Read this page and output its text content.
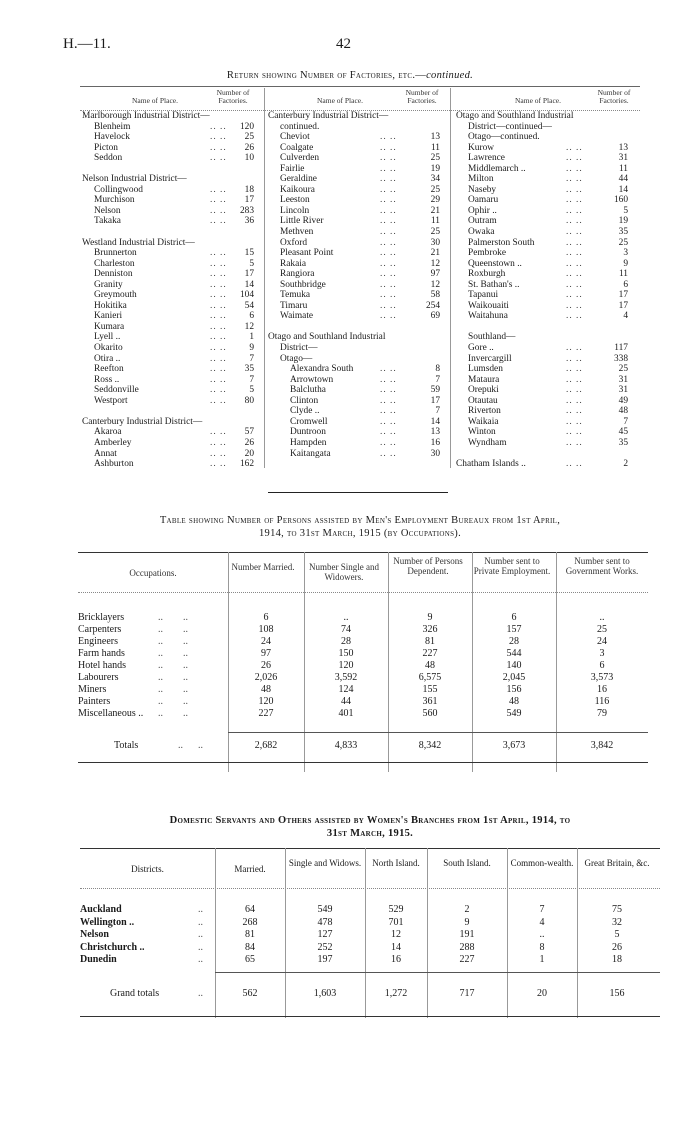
H.—11.	42
Return showing Number of Factories, etc.—continued.
Name of Place.
Number of Factories.	Name of Place.
Number of Factories.	Name of Place.
Number of Factories.
Marlborough Industrial District—
Blenheim	.. ..	120
Havelock	.. ..	25
Picton	.. ..	26
Seddon	.. ..	10
Nelson Industrial District—
Collingwood	.. ..	18
Murchison	.. ..	17
Nelson	.. ..	283
Takaka	.. ..	36
Westland Industrial District—
Brunnerton	.. ..	15
Charleston	.. ..	5
Denniston	.. ..	17
Granity	.. ..	14
Greymouth	.. ..	104
Hokitika	.. ..	54
Kanieri	.. ..	6
Kumara	.. ..	12
Lyell ..	.. ..	1
Okarito	.. ..	9
Otira ..	.. ..	7
Reefton	.. ..	35
Ross ..	.. ..	7
Seddonville	.. ..	5
Westport	.. ..	80
Canterbury Industrial District—
Akaroa	.. ..	57
Amberley	.. ..	26
Annat	.. ..	20
Ashburton	.. ..	162
Canterbury Industrial District—
continued.
Cheviot	.. ..	13
Coalgate	.. ..	11
Culverden	.. ..	25
Fairlie	.. ..	19
Geraldine	.. ..	34
Kaikoura	.. ..	25
Leeston	.. ..	29
Lincoln	.. ..	21
Little River	.. ..	11
Methven	.. ..	25
Oxford	.. ..	30
Pleasant Point	.. ..	21
Rakaia	.. ..	12
Rangiora	.. ..	97
Southbridge	.. ..	12
Temuka	.. ..	58
Timaru	.. ..	254
Waimate	.. ..	69
Otago and Southland Industrial
District—
Otago—
Alexandra South	.. ..	8
Arrowtown	.. ..	7
Balclutha	.. ..	59
Clinton	.. ..	17
Clyde ..	.. ..	7
Cromwell	.. ..	14
Duntroon	.. ..	13
Hampden	.. ..	16
Kaitangata	.. ..	30
Otago and Southland Industrial
District—continued—
Otago—continued.
Kurow	.. ..	13
Lawrence	.. ..	31
Middlemarch ..	.. ..	11
Milton	.. ..	44
Naseby	.. ..	14
Oamaru	.. ..	160
Ophir ..	.. ..	5
Outram	.. ..	19
Owaka	.. ..	35
Palmerston South	.. ..	25
Pembroke	.. ..	3
Queenstown ..	.. ..	9
Roxburgh	.. ..	11
St. Bathan's ..	.. ..	6
Tapanui	.. ..	17
Waikouaiti	.. ..	17
Waitahuna	.. ..	4
Southland—
Gore ..	.. ..	117
Invercargill	.. ..	338
Lumsden	.. ..	25
Mataura	.. ..	31
Orepuki	.. ..	31
Otautau	.. ..	49
Riverton	.. ..	48
Waikaia	.. ..	7
Winton	.. ..	45
Wyndham	.. ..	35
Chatham Islands ..	.. ..	2
Table showing Number of Persons assisted by Men's Employment Bureaux from 1st April,
1914, to 31st March, 1915 (by Occupations).
Occupations.
Number Married.	Number Single and Widowers.
Number of Persons Dependent.
Number sent to Private Employment.
Number sent to Government Works.
Bricklayers	..        ..	6	..	9	6	..
Carpenters	..        ..	108	74	326	157	25
Engineers	..        ..	24	28	81	28	24
Farm hands	..        ..	97	150	227	544	3
Hotel hands	..        ..	26	120	48	140	6
Labourers	..        ..	2,026	3,592	6,575	2,045	3,573
Miners	..        ..	48	124	155	156	16
Painters	..        ..	120	44	361	48	116
Miscellaneous .. ..        ..	227	401	560	549	79
Totals	..      ..	2,682	4,833	8,342	3,673	3,842
Domestic Servants and Others assisted by Women's Branches from 1st April, 1914, to
31st March, 1915.
Districts.	Married.
Single and Widows.	North Island.	South Island.	Common-wealth.	Great Britain, &c.
Auckland	..	64	549	529	2	7	75
Wellington ..	..	268	478	701	9	4	32
Nelson	..	81	127	12	191	..	5
Christchurch ..	..	84	252	14	288	8	26
Dunedin	..	65	197	16	227	1	18
Grand totals	..	562	1,603	1,272	717	20	156
